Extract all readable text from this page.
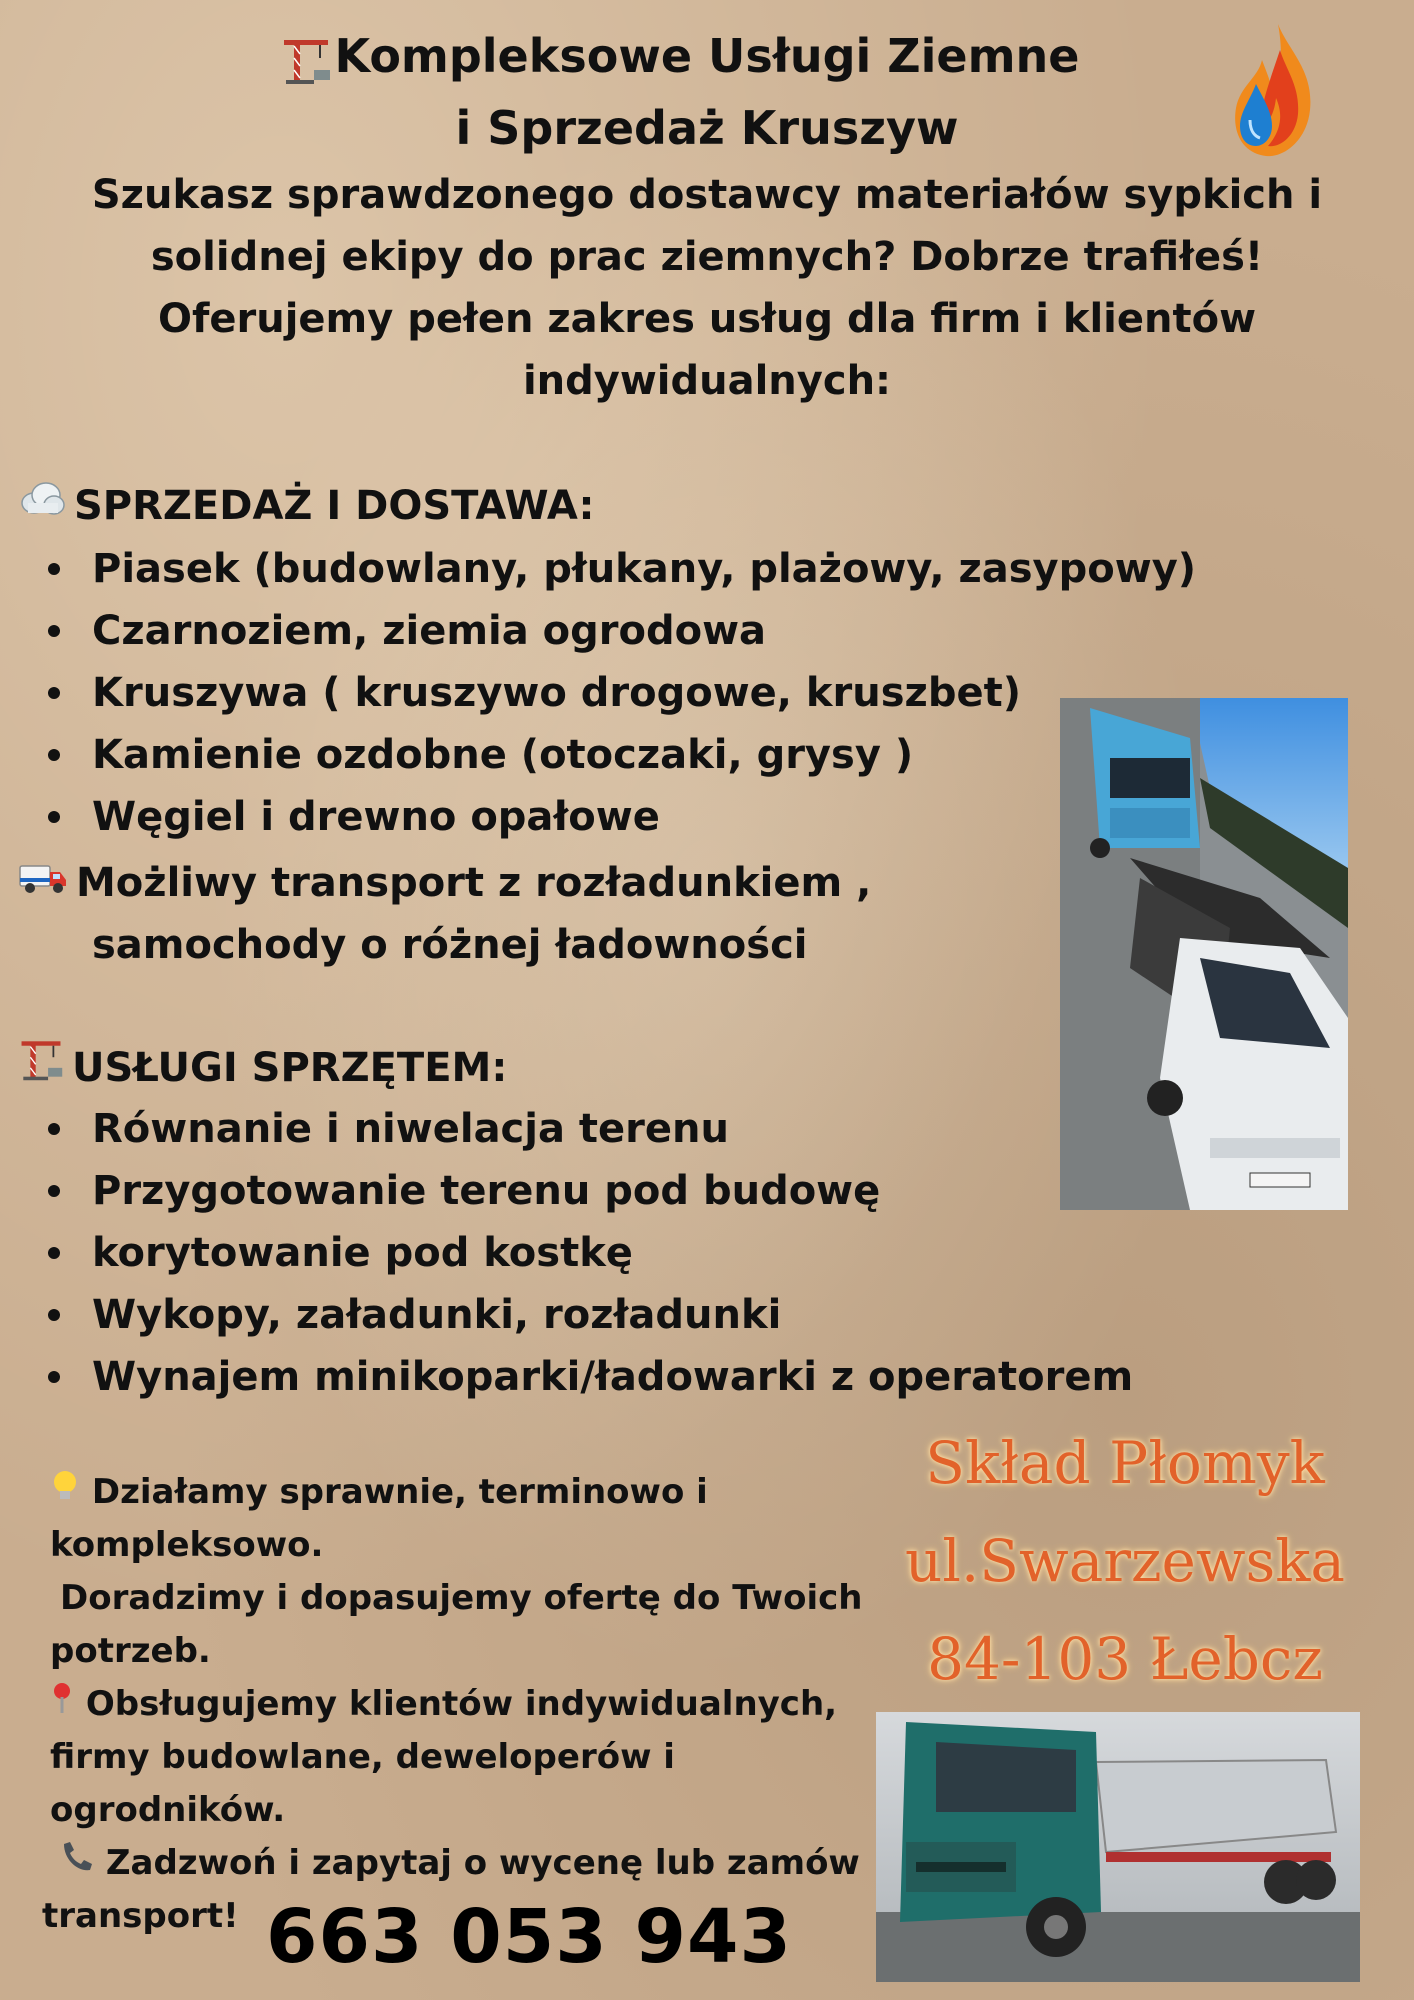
Kompleksowe Usługi Ziemne
i Sprzedaż Kruszyw
Szukasz sprawdzonego dostawcy materiałów sypkich i
solidnej ekipy do prac ziemnych? Dobrze trafiłeś!
Oferujemy pełen zakres usług dla firm i klientów
indywidualnych:
SPRZEDAŻ I DOSTAWA:
Piasek (budowlany, płukany, plażowy, zasypowy)
Czarnoziem, ziemia ogrodowa
Kruszywa ( kruszywo drogowe, kruszbet)
Kamienie ozdobne (otoczaki, grysy )
Węgiel i drewno opałowe
Możliwy transport z rozładunkiem ,
samochody o różnej ładowności
USŁUGI SPRZĘTEM:
Równanie i niwelacja terenu
Przygotowanie terenu pod budowę
korytowanie pod kostkę
Wykopy, załadunki, rozładunki
Wynajem minikoparki/ładowarki z operatorem

Działamy sprawnie, terminowo i
kompleksowo.

Doradzimy i dopasujemy ofertę do Twoich

potrzeb.

Obsługujemy klientów indywidualnych,
firmy budowlane, deweloperów i
ogrodników.

Zadzwoń i zapytaj o wycenę lub zamów

transport! 663 053 943
Skład Płomyk
ul.Swarzewska
84-103 Łebcz
